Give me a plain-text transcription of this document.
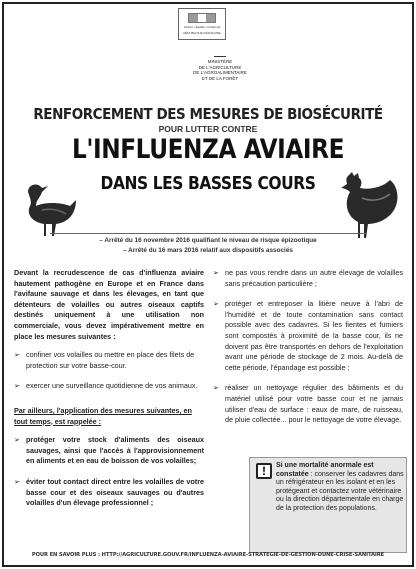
Liberté • Égalité • Fraternité
RÉPUBLIQUE FRANÇAISE
MINISTÈRE
DE L'AGRICULTURE
DE L'AGROALIMENTAIRE
ET DE LA FORÊT
RENFORCEMENT DES MESURES DE BIOSÉCURITÉ
POUR LUTTER CONTRE
L'INFLUENZA AVIAIRE
DANS LES BASSES COURS
– Arrêté du 16 novembre 2016 qualifiant le niveau de risque épizootique
– Arrêté du 16 mars 2016 relatif aux dispositifs associés

Devant la recrudescence de cas d'influenza aviaire hautement pathogène en Europe et en France dans l'avifaune sauvage et dans les élevages, en tant que détenteurs de volailles ou autres oiseaux captifs destinés uniquement à une utilisation non commerciale, vous devez impérativement mettre en place les mesures suivantes :

➢ confiner vos volailles ou mettre en place des filets de protection sur votre basse-cour.
➢ exercer une surveillance quotidienne de vos animaux.

Par ailleurs, l'application des mesures suivantes, en tout temps, est rappelée :

➢ protéger votre stock d'aliments des oiseaux sauvages, ainsi que l'accès à l'approvisionnement en aliments et en eau de boisson de vos volailles;
➢ éviter tout contact direct entre les volailles de votre basse cour et des oiseaux sauvages ou d'autres volailles d'un élevage professionnel ;
➢ ne pas vous rendre dans un autre élevage de volailles sans précaution particulière ;
➢ protéger et entreposer la litière neuve à l'abri de l'humidité et de toute contamination sans contact possible avec des cadavres. Si les fientes et fumiers sont compostés à proximité de la basse cour, ils ne doivent pas être transportés en dehors de l'exploitation avant une période de stockage de 2 mois. Au-delà de cette période, l'épandage est possible ;
➢ réaliser un nettoyage régulier des bâtiments et du matériel utilisé pour votre basse cour et ne jamais utiliser d'eau de surface : eaux de mare, de ruisseau, de pluie collectée... pour le nettoyage de votre élevage.
!	Si une mortalité anormale est constatée : conserver les cadavres dans un réfrigérateur en les isolant et en les protégeant et contactez votre vétérinaire ou la direction départementale en charge de la protection des populations.
POUR EN SAVOIR PLUS : HTTP://AGRICULTURE.GOUV.FR/INFLUENZA-AVIAIRE-STRATEGIE-DE-GESTION-DUNE-CRISE-SANITAIRE
